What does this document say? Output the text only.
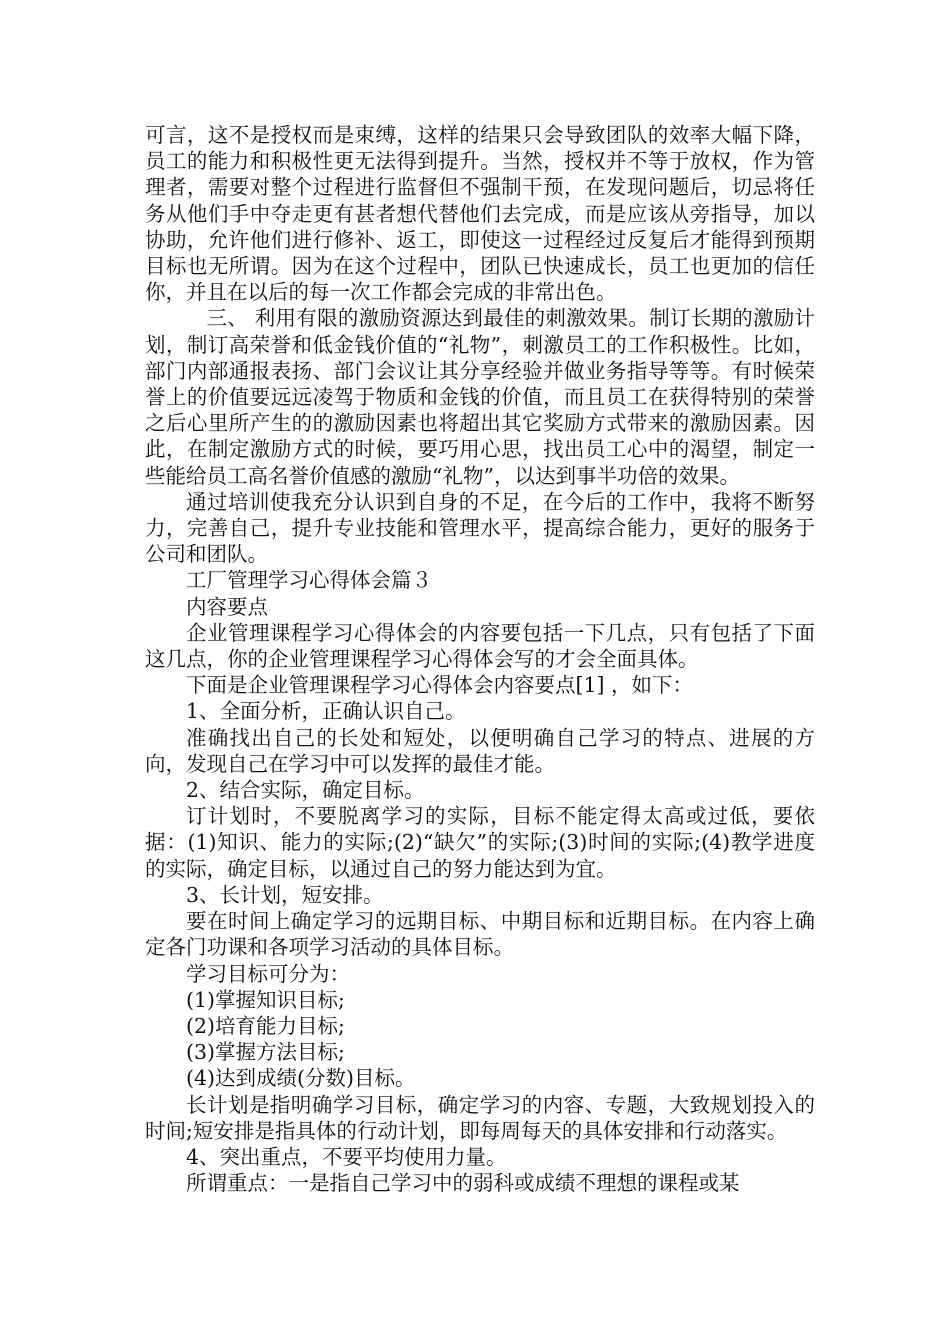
可言，这不是授权而是束缚，这样的结果只会导致团队的效率大幅下降，员工的能力和积极性更无法得到提升。当然，授权并不等于放权，作为管理者，需要对整个过程进行监督但不强制干预，在发现问题后，切忌将任务从他们手中夺走更有甚者想代替他们去完成，而是应该从旁指导，加以协助，允许他们进行修补、返工，即使这一过程经过反复后才能得到预期目标也无所谓。因为在这个过程中，团队已快速成长，员工也更加的信任你，并且在以后的每一次工作都会完成的非常出色。

三、 利用有限的激励资源达到最佳的刺激效果。制订长期的激励计划，制订高荣誉和低金钱价值的“礼物”，刺激员工的工作积极性。比如，部门内部通报表扬、部门会议让其分享经验并做业务指导等等。有时候荣誉上的价值要远远凌驾于物质和金钱的价值，而且员工在获得特别的荣誉之后心里所产生的的激励因素也将超出其它奖励方式带来的激励因素。因此，在制定激励方式的时候，要巧用心思，找出员工心中的渴望，制定一些能给员工高名誉价值感的激励“礼物”，以达到事半功倍的效果。

通过培训使我充分认识到自身的不足，在今后的工作中，我将不断努力，完善自己，提升专业技能和管理水平，提高综合能力，更好的服务于公司和团队。

工厂管理学习心得体会篇３

内容要点

企业管理课程学习心得体会的内容要包括一下几点，只有包括了下面这几点，你的企业管理课程学习心得体会写的才会全面具体。

下面是企业管理课程学习心得体会内容要点[1] ，如下：

1、全面分析，正确认识自己。

准确找出自己的长处和短处，以便明确自己学习的特点、进展的方向，发现自己在学习中可以发挥的最佳才能。

2、结合实际，确定目标。

订计划时，不要脱离学习的实际，目标不能定得太高或过低，要依据：(1)知识、能力的实际;(2)“缺欠”的实际;(3)时间的实际;(4)教学进度的实际，确定目标，以通过自己的努力能达到为宜。

3、长计划，短安排。

要在时间上确定学习的远期目标、中期目标和近期目标。在内容上确定各门功课和各项学习活动的具体目标。

学习目标可分为：

(1)掌握知识目标;

(2)培育能力目标;

(3)掌握方法目标;

(4)达到成绩(分数)目标。

长计划是指明确学习目标，确定学习的内容、专题，大致规划投入的时间;短安排是指具体的行动计划，即每周每天的具体安排和行动落实。

4、突出重点，不要平均使用力量。

所谓重点：一是指自己学习中的弱科或成绩不理想的课程或某
